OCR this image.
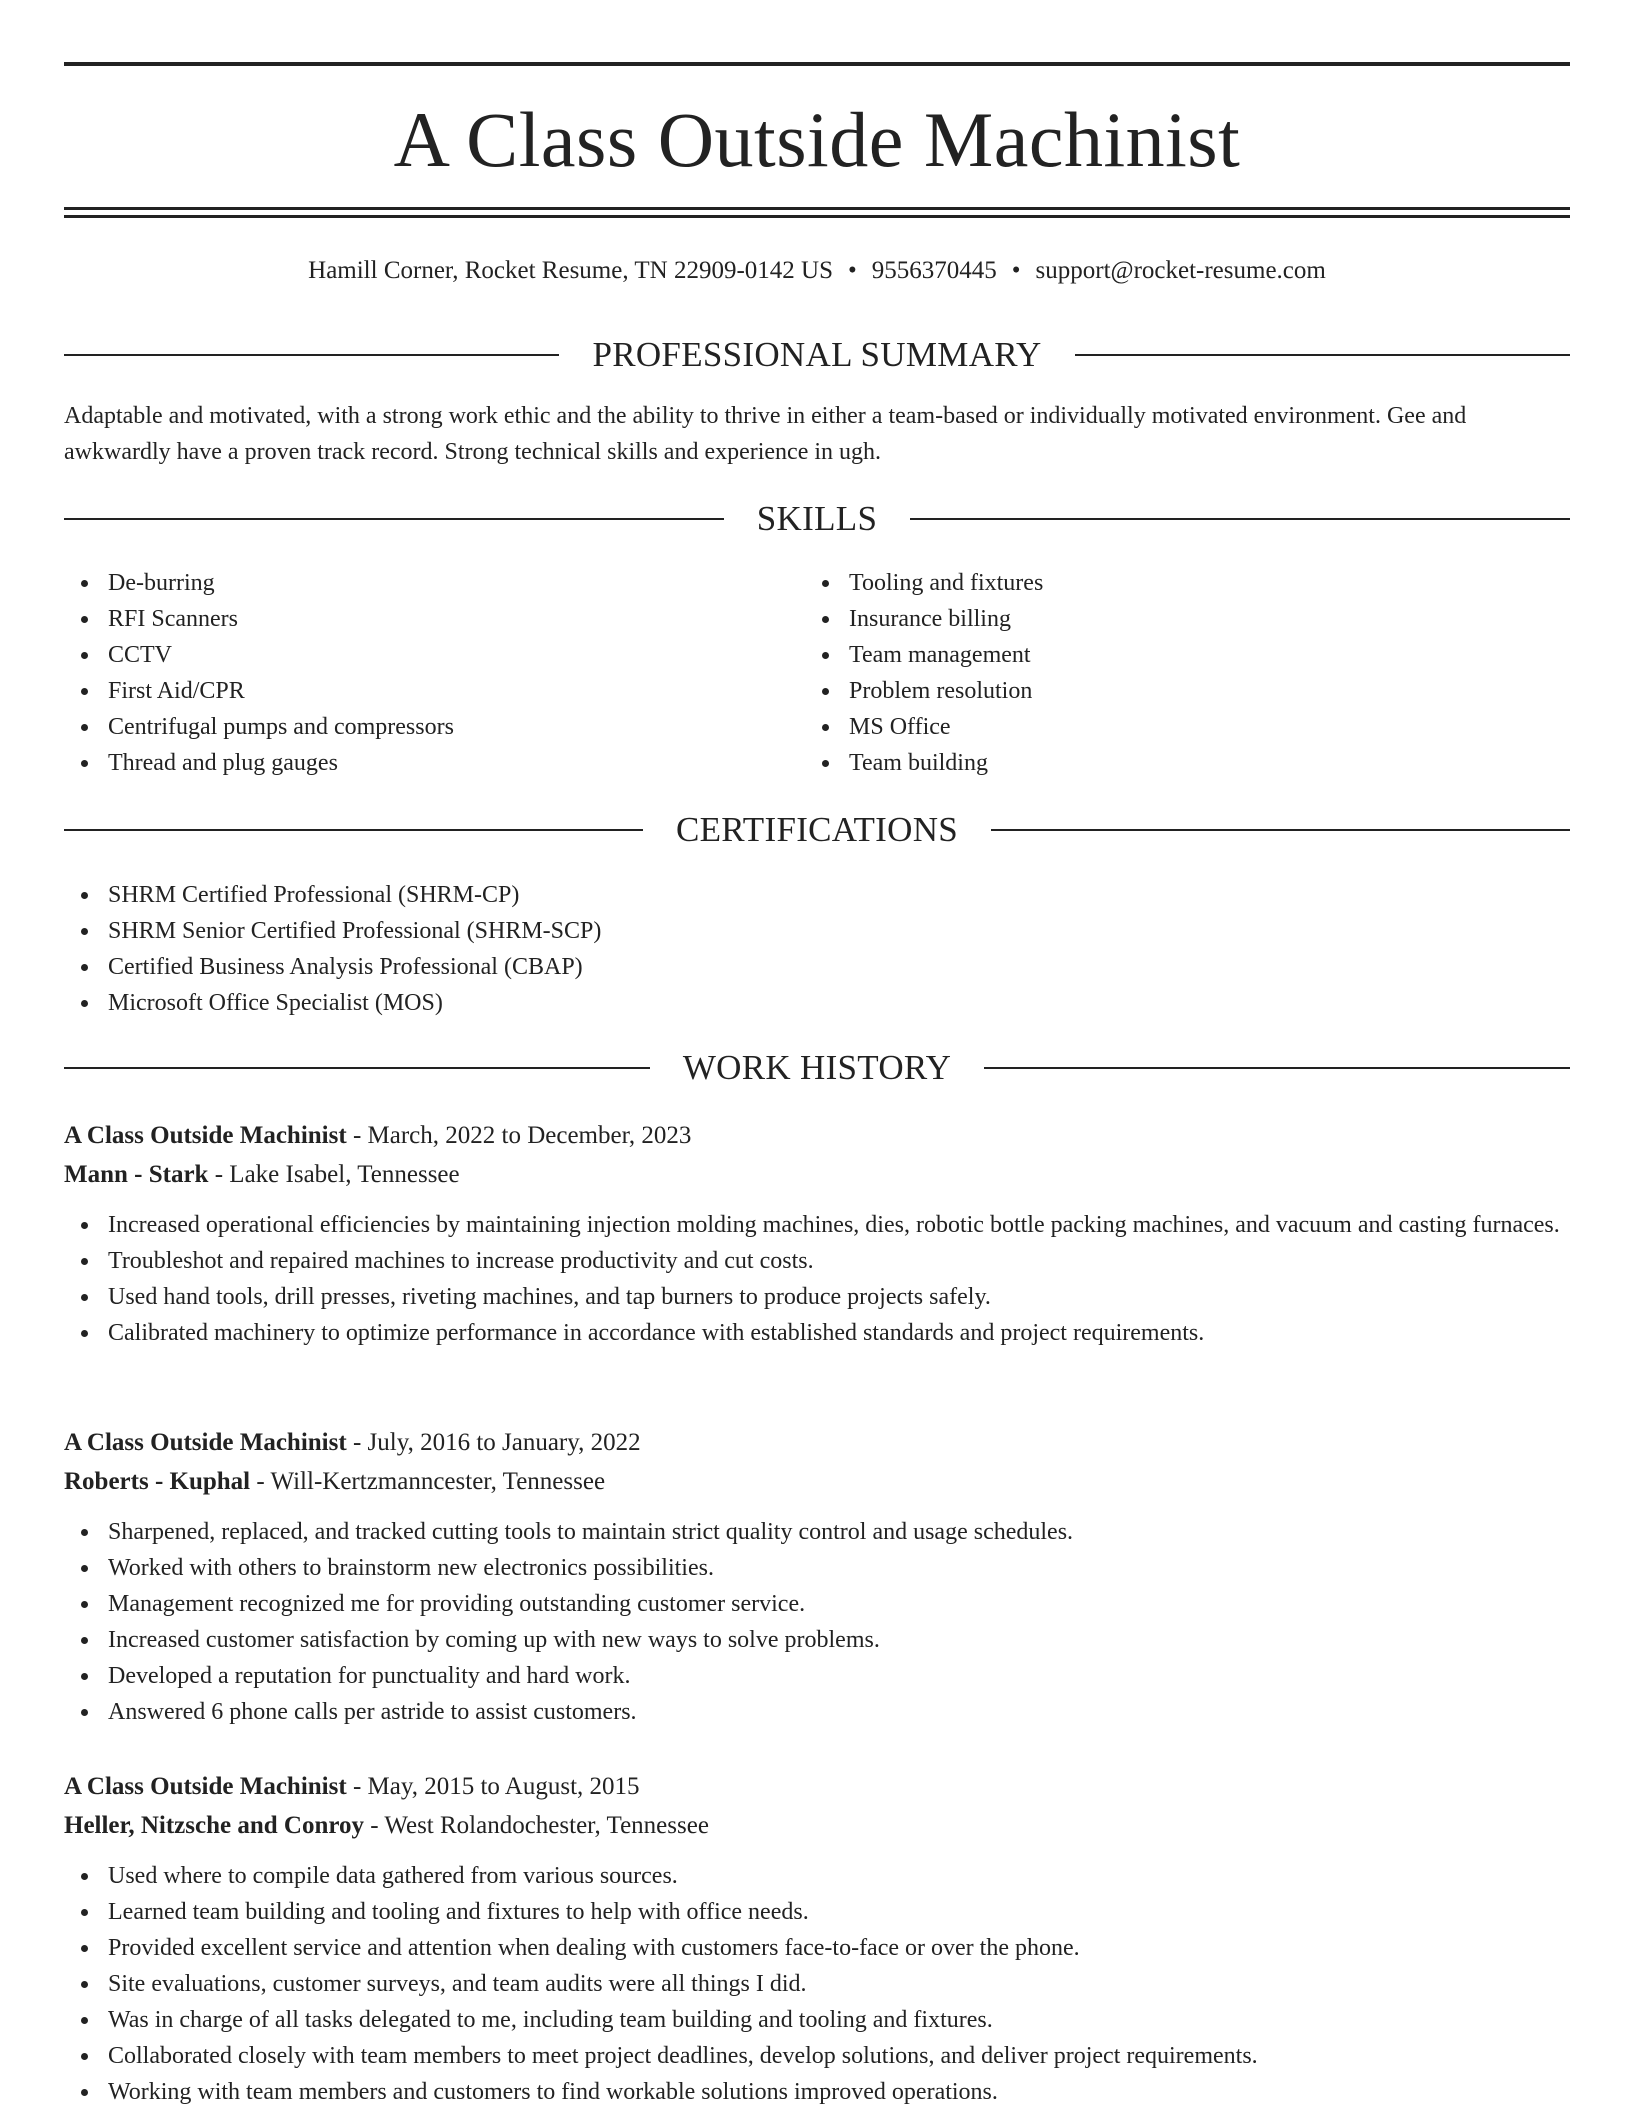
A Class Outside Machinist
Hamill Corner, Rocket Resume, TN 22909-0142 US • 9556370445 • support@rocket-resume.com
PROFESSIONAL SUMMARY
Adaptable and motivated, with a strong work ethic and the ability to thrive in either a team-based or individually motivated environment. Gee and awkwardly have a proven track record. Strong technical skills and experience in ugh.
SKILLS
De-burring
RFI Scanners
CCTV
First Aid/CPR
Centrifugal pumps and compressors
Thread and plug gauges
Tooling and fixtures
Insurance billing
Team management
Problem resolution
MS Office
Team building
CERTIFICATIONS
SHRM Certified Professional (SHRM-CP)
SHRM Senior Certified Professional (SHRM-SCP)
Certified Business Analysis Professional (CBAP)
Microsoft Office Specialist (MOS)
WORK HISTORY
A Class Outside Machinist - March, 2022 to December, 2023
Mann - Stark - Lake Isabel, Tennessee
Increased operational efficiencies by maintaining injection molding machines, dies, robotic bottle packing machines, and vacuum and casting furnaces.
Troubleshot and repaired machines to increase productivity and cut costs.
Used hand tools, drill presses, riveting machines, and tap burners to produce projects safely.
Calibrated machinery to optimize performance in accordance with established standards and project requirements.
A Class Outside Machinist - July, 2016 to January, 2022
Roberts - Kuphal - Will-Kertzmanncester, Tennessee
Sharpened, replaced, and tracked cutting tools to maintain strict quality control and usage schedules.
Worked with others to brainstorm new electronics possibilities.
Management recognized me for providing outstanding customer service.
Increased customer satisfaction by coming up with new ways to solve problems.
Developed a reputation for punctuality and hard work.
Answered 6 phone calls per astride to assist customers.
A Class Outside Machinist - May, 2015 to August, 2015
Heller, Nitzsche and Conroy - West Rolandochester, Tennessee
Used where to compile data gathered from various sources.
Learned team building and tooling and fixtures to help with office needs.
Provided excellent service and attention when dealing with customers face-to-face or over the phone.
Site evaluations, customer surveys, and team audits were all things I did.
Was in charge of all tasks delegated to me, including team building and tooling and fixtures.
Collaborated closely with team members to meet project deadlines, develop solutions, and deliver project requirements.
Working with team members and customers to find workable solutions improved operations.
